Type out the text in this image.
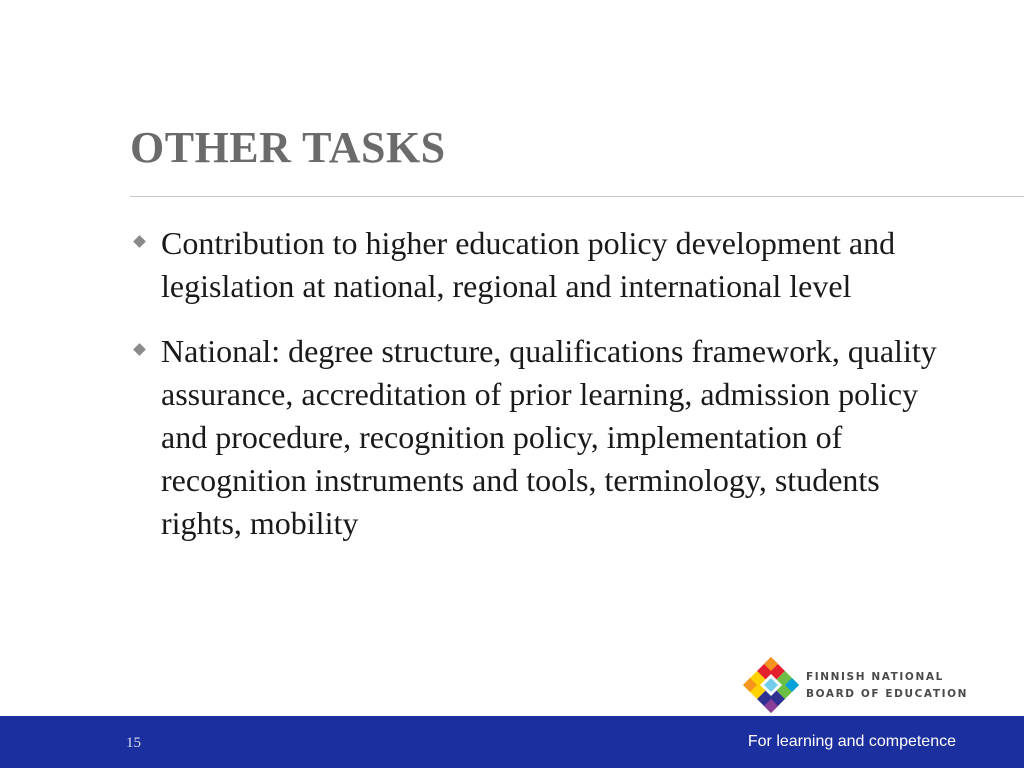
OTHER TASKS
Contribution to higher education policy development and legislation at national, regional and international level
National: degree structure, qualifications framework, quality assurance, accreditation of prior learning, admission policy and procedure, recognition policy, implementation of recognition instruments and tools, terminology, students rights, mobility
FINNISH NATIONAL
BOARD OF EDUCATION
15	For learning and competence
